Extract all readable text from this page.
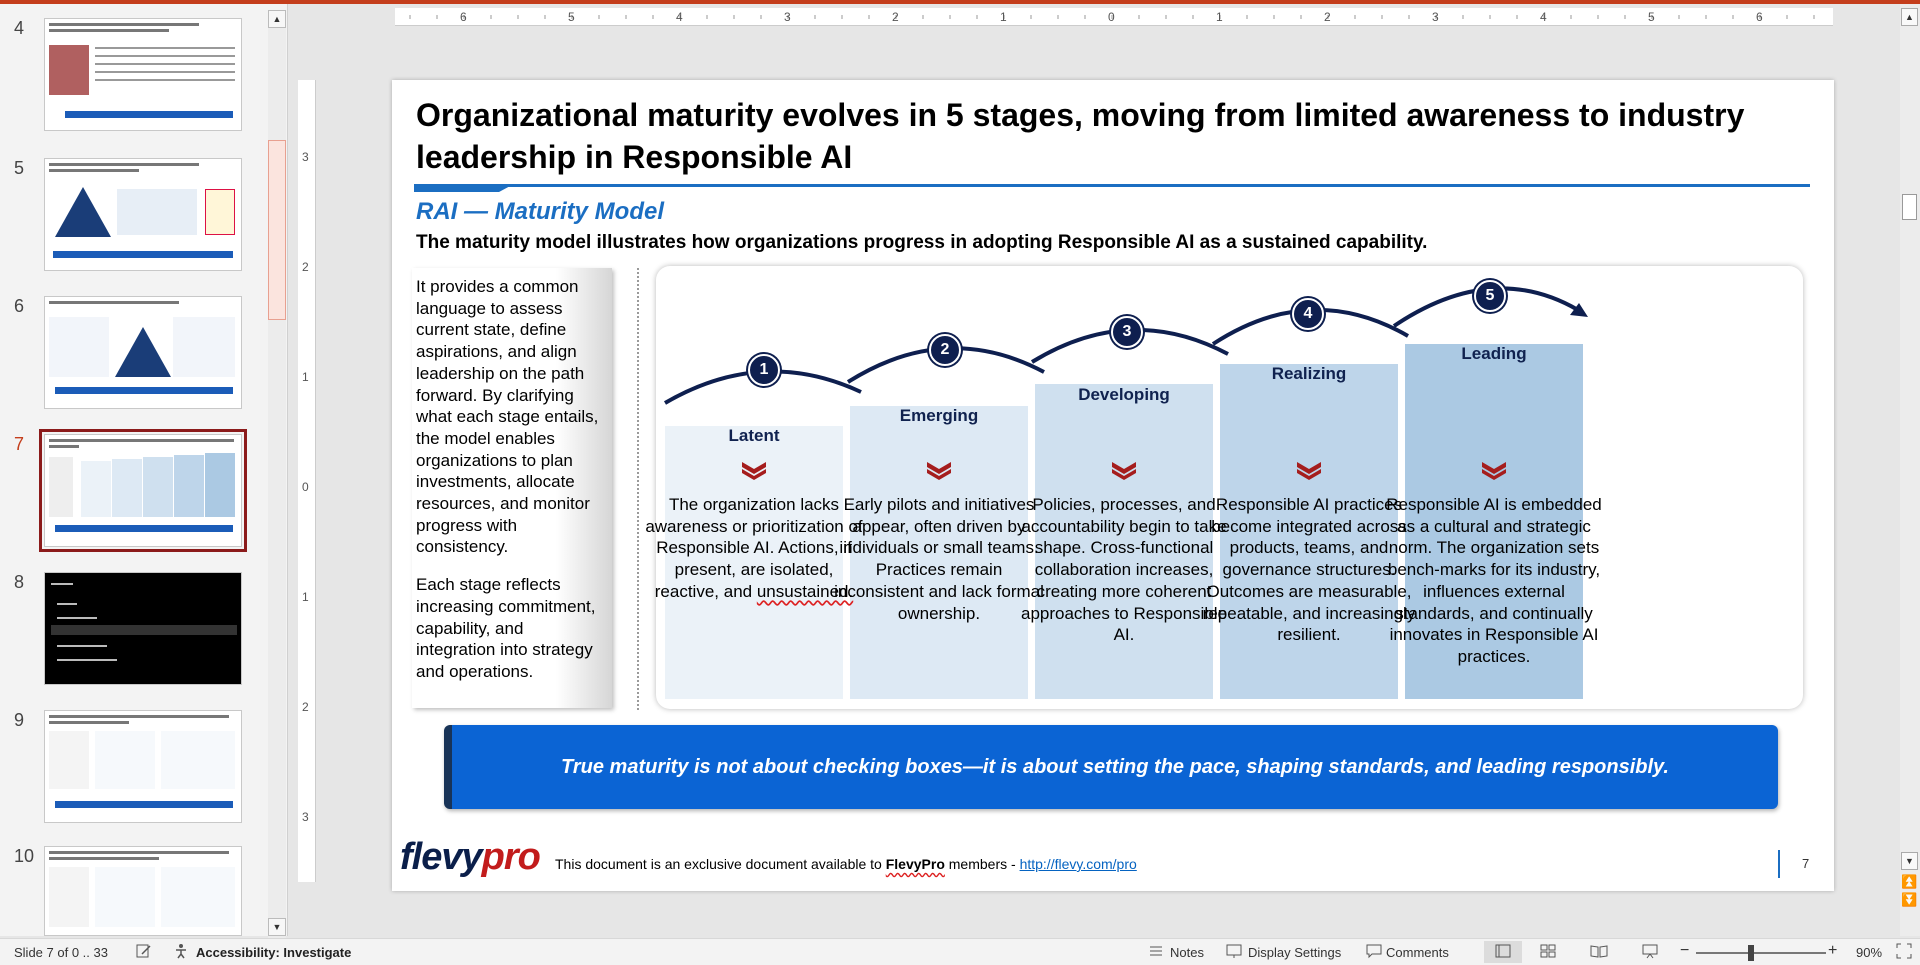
4
5
6
7
8
9
10
▲
▼
6	5	4	3	2	1	0	1	2	3	4	5	6
3
2
1
0
1
2
3
Organizational maturity evolves in 5 stages, moving from limited awareness to industry leadership in Responsible AI
RAI — Maturity Model
The maturity model illustrates how organizations progress in adopting Responsible AI as a sustained capability.

It provides a common language to assess current state, define aspirations, and align leadership on the path forward. By clarifying what each stage entails, the model enables organizations to plan investments, allocate resources, and monitor progress with consistency.

Each stage reflects increasing commitment, capability, and integration into strategy and operations.

1
2
3
4
5
Latent
Emerging
Developing
Realizing
Leading
The organization lacks awareness or prioritization of Responsible AI. Actions, if present, are isolated, reactive, and unsustained.
Early pilots and initiatives appear, often driven by individuals or small teams. Practices remain inconsistent and lack formal ownership.
Policies, processes, and accountability begin to take shape. Cross-functional collaboration increases, creating more coherent approaches to Responsible AI.
Responsible AI practices become integrated across products, teams, and governance structures. Outcomes are measurable, repeatable, and increasingly resilient.
Responsible AI is embedded as a cultural and strategic norm. The organization sets bench-marks for its industry, influences external standards, and continually innovates in Responsible AI practices.
True maturity is not about checking boxes—it is about setting the pace, shaping standards, and leading responsibly.
flevypro This document is an exclusive document available to FlevyPro members - http://flevy.com/pro	7
▲
▼
⏫
⏬
Slide 7 of 0 .. 33	Accessibility: Investigate	Notes	Display Settings	Comments	−	+ 90%
